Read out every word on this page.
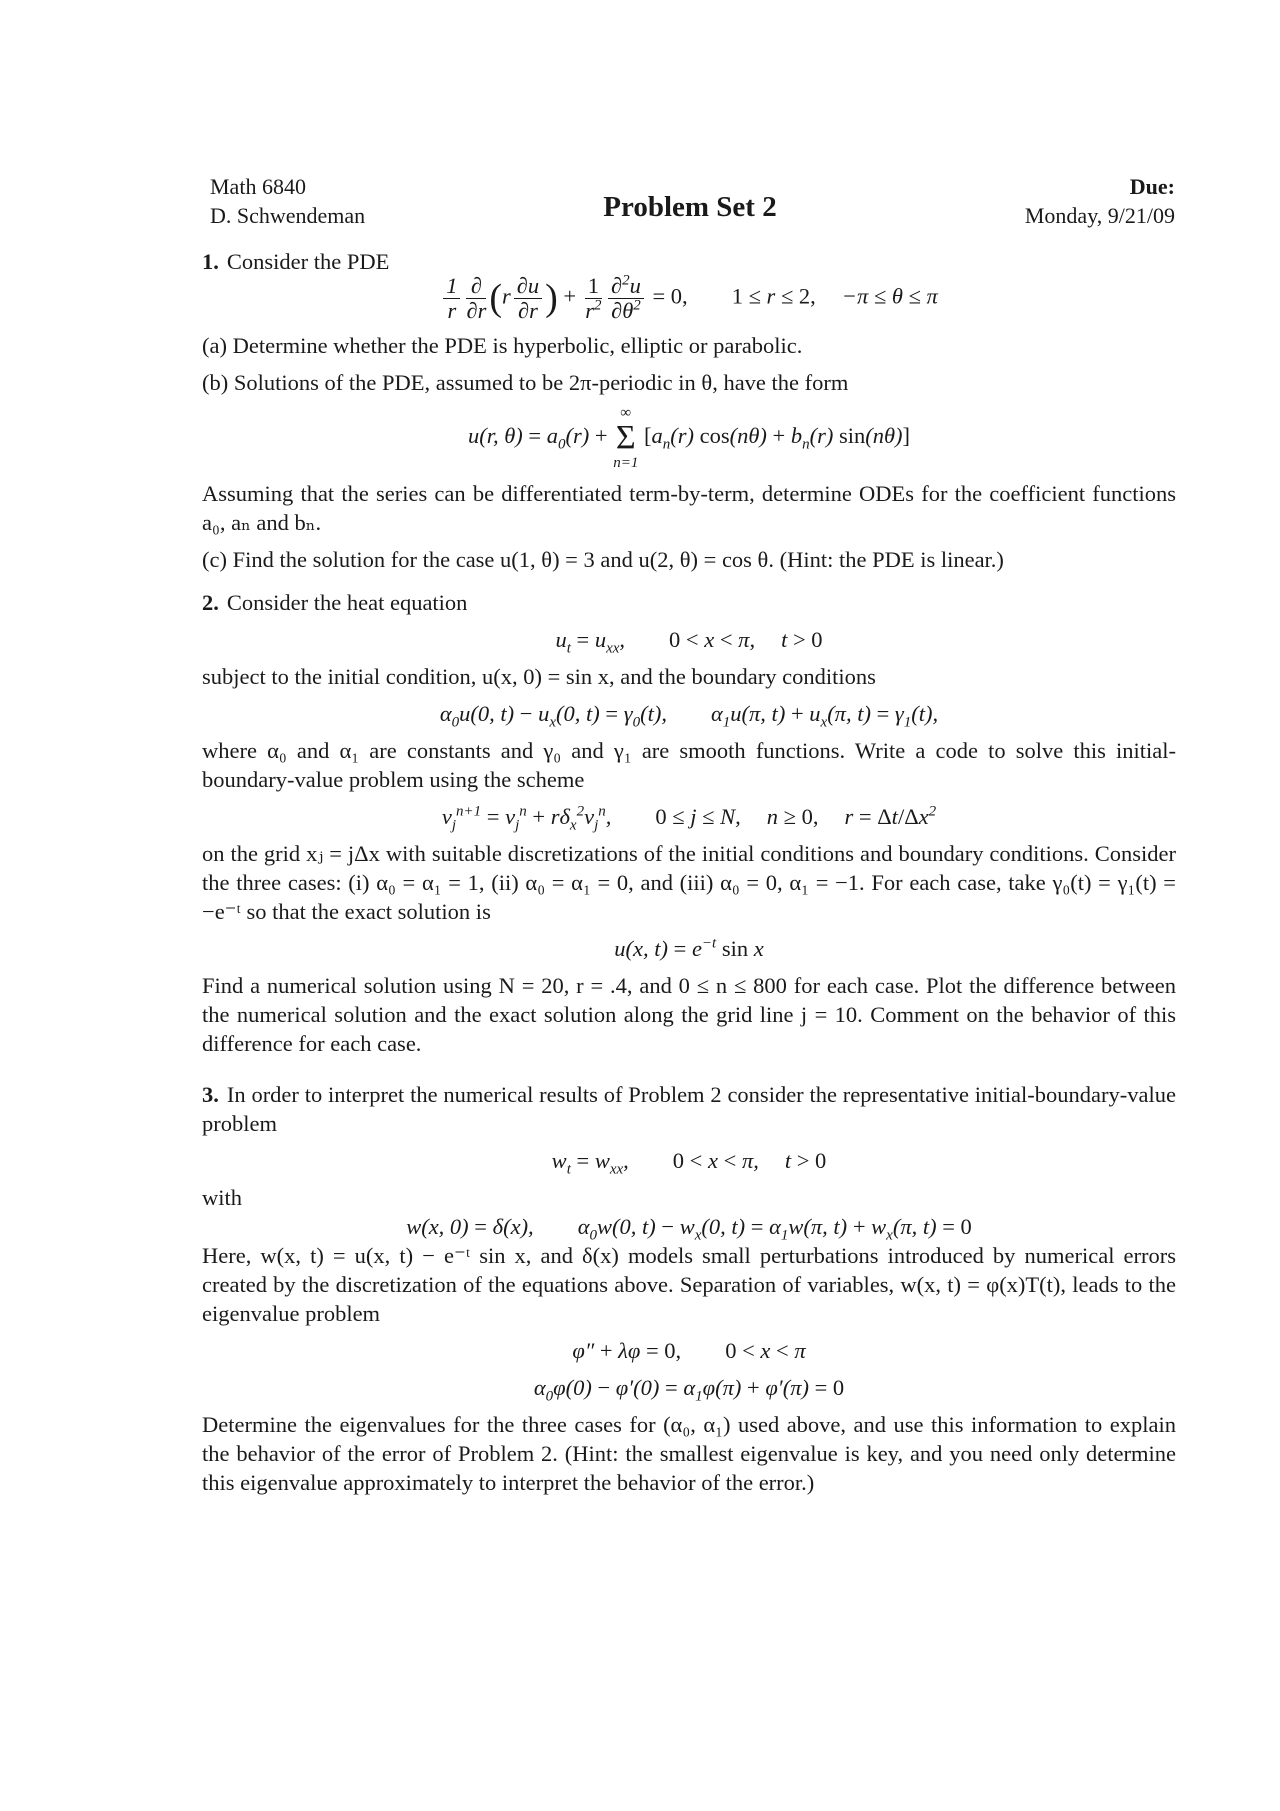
Math 6840
D. Schwendeman	Problem Set 2
Due:
Monday, 9/21/09

1. Consider the PDE

$\frac{1}{r} \frac{\partial}{\partial r} (r \frac{\partial u}{\partial r}$ ) + $\frac{1}{r^2} \frac{\partial^2u}{\partial\theta^2} = 0$, 1 ≤ r ≤ 2, −π ≤ θ ≤ π

(a) Determine whether the PDE is hyperbolic, elliptic or parabolic.

(b) Solutions of the PDE, assumed to be 2π-periodic in θ, have the form

u(r, $\theta) = a_0(r)$ +
∞
Σ
n=1
[$a_n(r) \cos(n\theta) + b_n(r)$ sin(nθ)]

Assuming that the series can be differentiated term-by-term, determine ODEs for the coefficient functions a₀, aₙ and bₙ.

(c) Find the solution for the case u(1, θ) = 3 and u(2, θ) = cos θ. (Hint: the PDE is linear.)

2. Consider the heat equation

$u_t = u_{xx}$, 0 < x < π, t > 0

subject to the initial condition, u(x, 0) = sin x, and the boundary conditions

$\alpha_0u(0$, $t) - u_x(0$, $t) = \gamma_0(t)$, $\alpha_1u(\pi$, $t) + u_x(\pi$, $t) = \gamma_1(t)$,

where α₀ and α₁ are constants and γ₀ and γ₁ are smooth functions. Write a code to solve this initial-boundary-value problem using the scheme

$v_j^{n+1} = v_j^n + r\delta_x^2v_j^n$, 0 ≤ j ≤ N, n ≥ 0, $r = \Delta t/\Delta x^2$

on the grid xⱼ = jΔx with suitable discretizations of the initial conditions and boundary conditions. Consider the three cases: (i) α₀ = α₁ = 1, (ii) α₀ = α₁ = 0, and (iii) α₀ = 0, α₁ = −1. For each case, take γ₀(t) = γ₁(t) = −e⁻ᵗ so that the exact solution is

u(x, $t) = e^{-t}$ sin x

Find a numerical solution using N = 20, r = .4, and 0 ≤ n ≤ 800 for each case. Plot the difference between the numerical solution and the exact solution along the grid line j = 10. Comment on the behavior of this difference for each case.

3. In order to interpret the numerical results of Problem 2 consider the representative initial-boundary-value problem

$w_t = w_{xx}$, 0 < x < π, t > 0

with

w(x, 0) = δ(x), $\alpha_0w(0$, $t) - w_x(0$, $t) = \alpha_1w(\pi$, $t) + w_x(\pi$, t) = 0

Here, w(x, t) = u(x, t) − e⁻ᵗ sin x, and δ(x) models small perturbations introduced by numerical errors created by the discretization of the equations above. Separation of variables, w(x, t) = φ(x)T(t), leads to the eigenvalue problem

φ″ + λφ = 0, 0 < x < π
$\alpha_0\varphi(0) - \varphi'(0) = \alpha_1\varphi(\pi) + \varphi'(\pi) = 0$

Determine the eigenvalues for the three cases for (α₀, α₁) used above, and use this information to explain the behavior of the error of Problem 2. (Hint: the smallest eigenvalue is key, and you need only determine this eigenvalue approximately to interpret the behavior of the error.)
